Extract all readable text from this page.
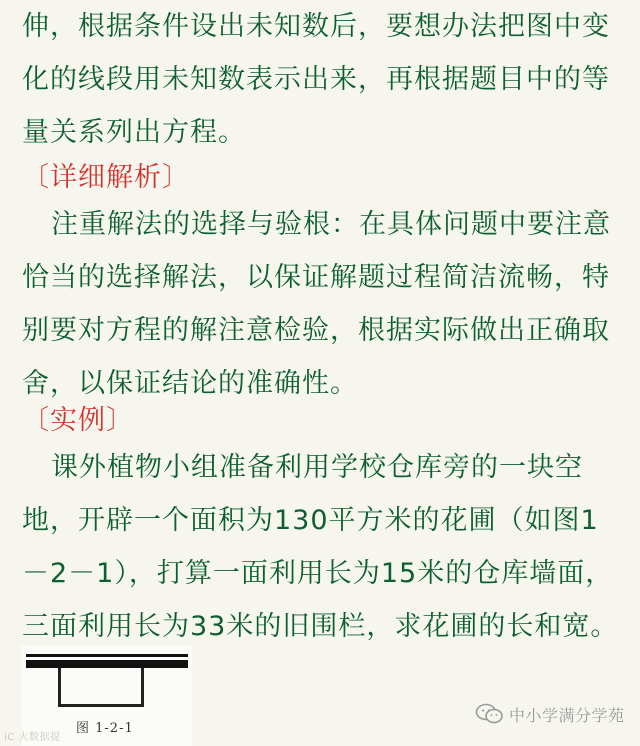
伸，根据条件设出未知数后，要想办法把图中变化的线段用未知数表示出来，再根据题目中的等量关系列出方程。

〔详细解析〕

注重解法的选择与验根：在具体问题中要注意恰当的选择解法，以保证解题过程简洁流畅，特别要对方程的解注意检验，根据实际做出正确取舍，以保证结论的准确性。

〔实例〕

课外植物小组准备利用学校仓库旁的一块空地，开辟一个面积为130平方米的花圃（如图1－2－1），打算一面利用长为15米的仓库墙面，三面利用长为33米的旧围栏，求花圃的长和宽。

图 1-2-1
iC 大数据提
中小学满分学苑
